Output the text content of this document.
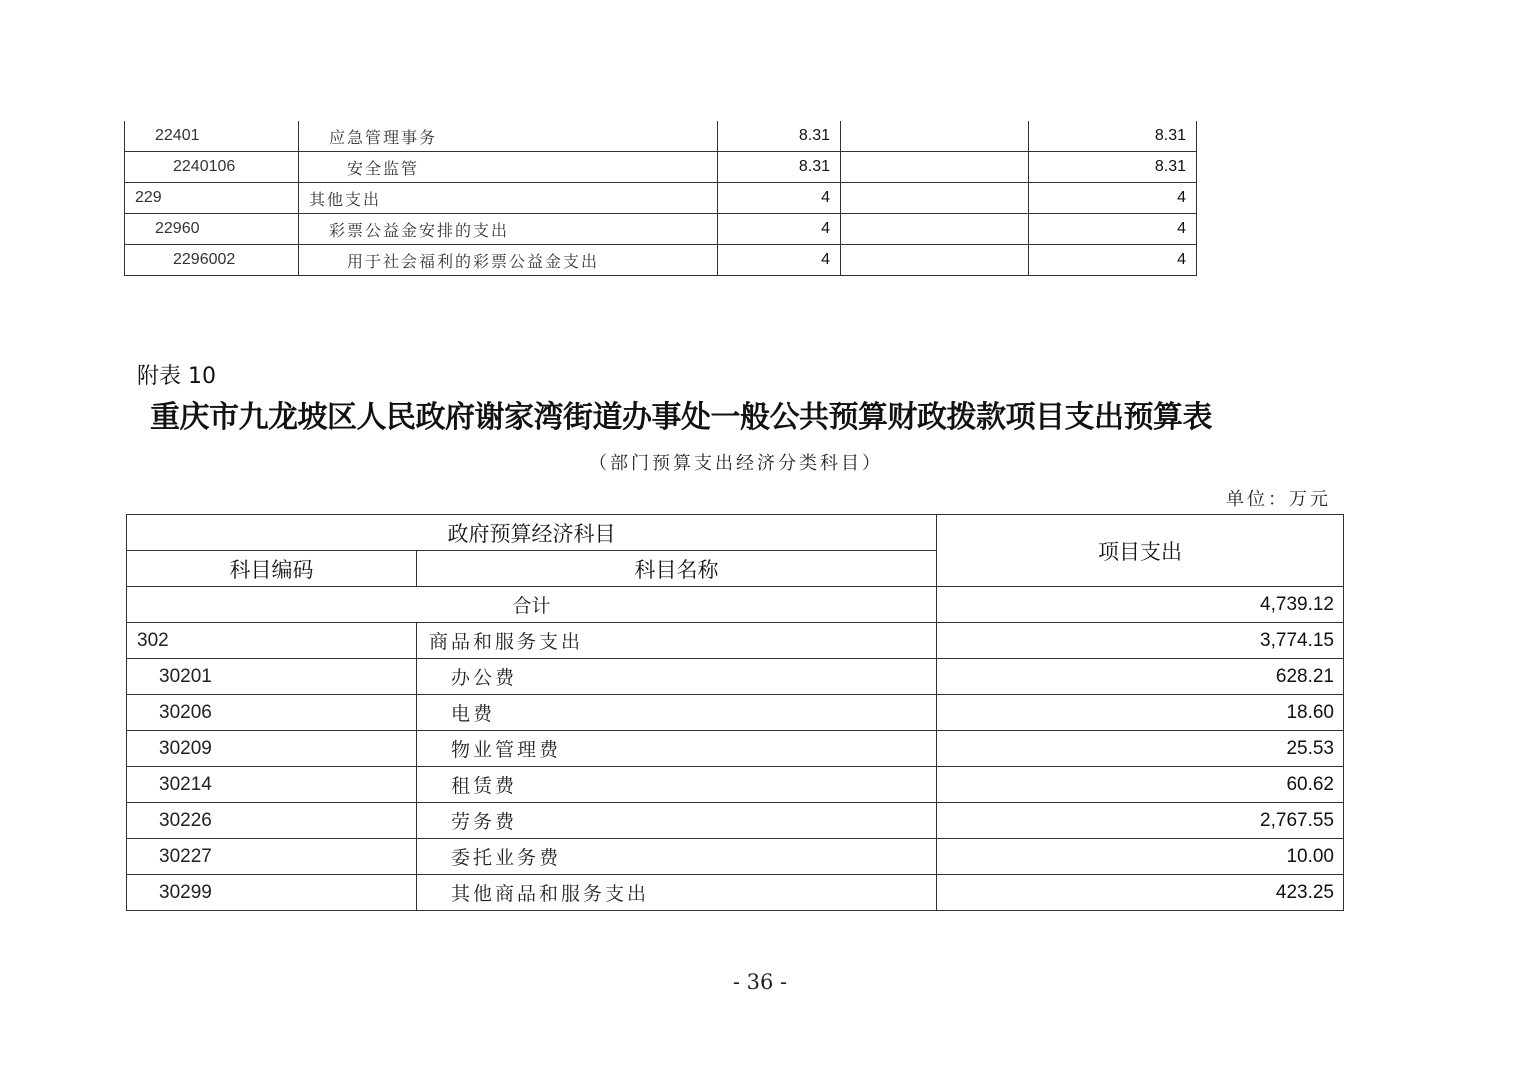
22401	应急管理事务	8.31		8.31
2240106	安全监管	8.31		8.31
229	其他支出	4		4
22960	彩票公益金安排的支出	4		4
2296002	用于社会福利的彩票公益金支出	4		4
附表 10
重庆市九龙坡区人民政府谢家湾街道办事处一般公共预算财政拨款项目支出预算表
（部门预算支出经济分类科目）
单位：万元
政府预算经济科目		项目支出
科目编码	科目名称	
合计		4,739.12
302	商品和服务支出	3,774.15
30201	办公费	628.21
30206	电费	18.60
30209	物业管理费	25.53
30214	租赁费	60.62
30226	劳务费	2,767.55
30227	委托业务费	10.00
30299	其他商品和服务支出	423.25
- 36 -
